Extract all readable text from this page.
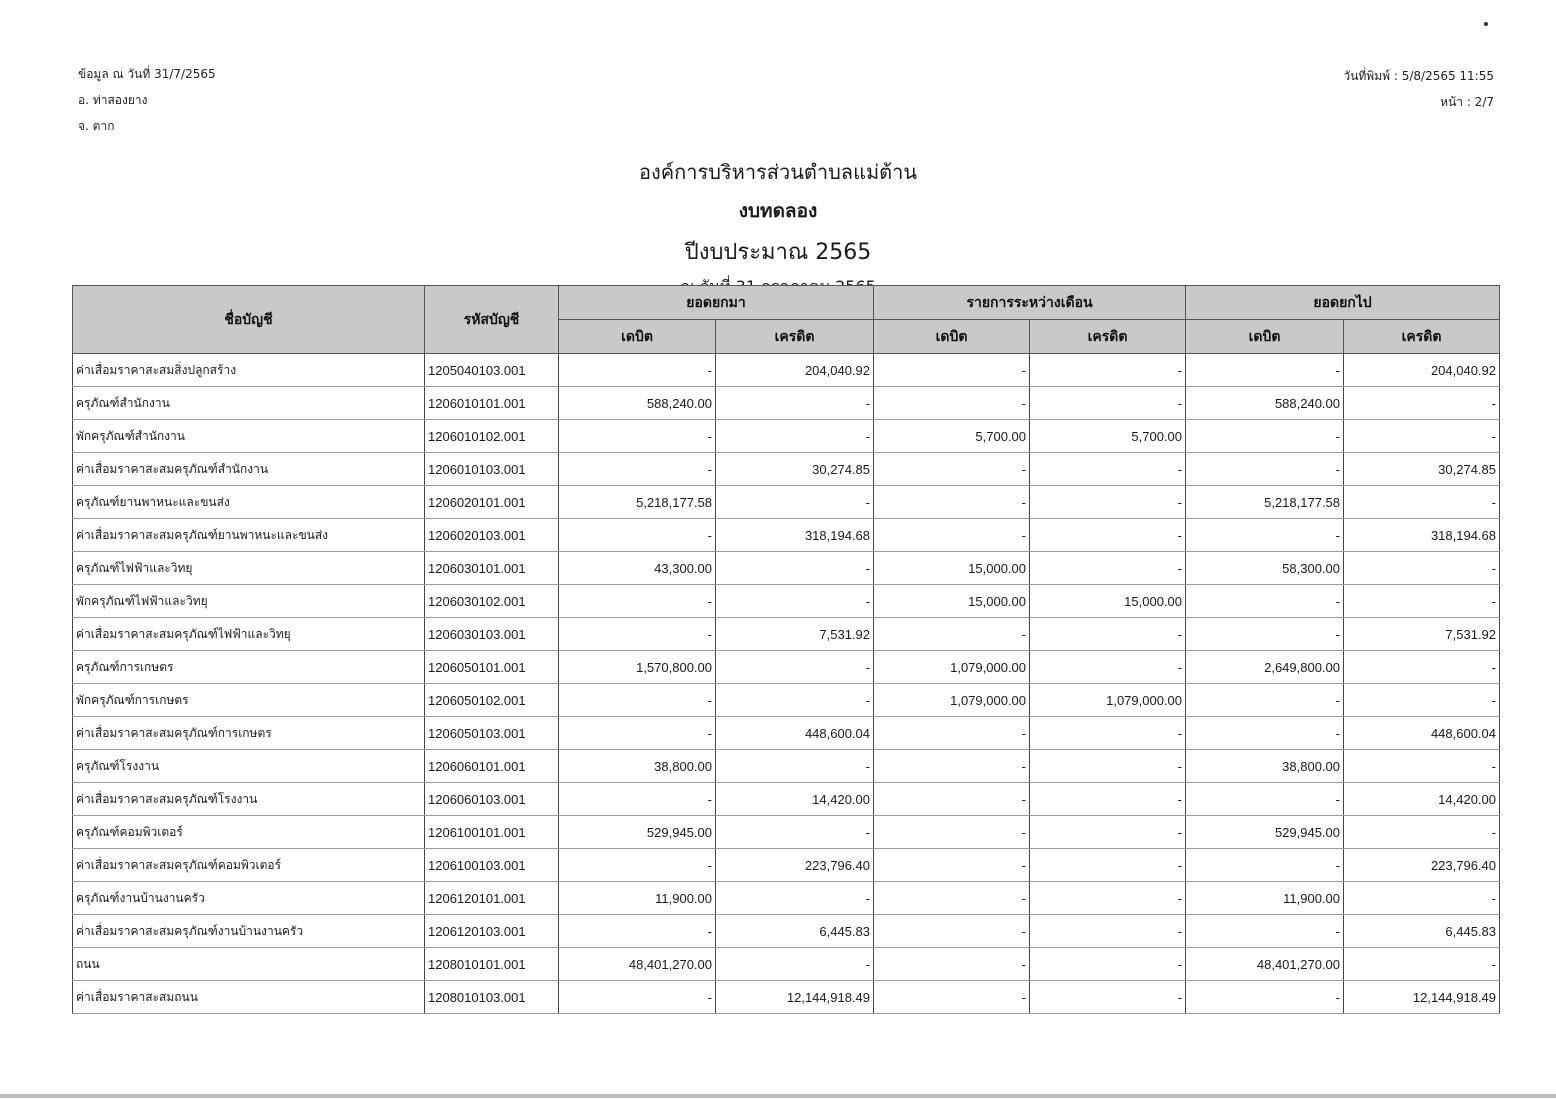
ข้อมูล ณ วันที่ 31/7/2565
อ. ท่าสองยาง
จ. ตาก
วันที่พิมพ์ : 5/8/2565 11:55
หน้า : 2/7
องค์การบริหารส่วนตำบลแม่ต้าน
งบทดลอง
ปีงบประมาณ 2565
ชื่อบัญชี	รหัสบัญชี	ยอดยกมา		รายการระหว่างเดือน		ยอดยกไป	
		เดบิต	เครดิต	เดบิต	เครดิต	เดบิต	เครดิต
ค่าเสื่อมราคาสะสมสิ่งปลูกสร้าง	1205040103.001	-	204,040.92	-	-	-	204,040.92
ครุภัณฑ์สำนักงาน	1206010101.001	588,240.00	-	-	-	588,240.00	-
พักครุภัณฑ์สำนักงาน	1206010102.001	-	-	5,700.00	5,700.00	-	-
ค่าเสื่อมราคาสะสมครุภัณฑ์สำนักงาน	1206010103.001	-	30,274.85	-	-	-	30,274.85
ครุภัณฑ์ยานพาหนะและขนส่ง	1206020101.001	5,218,177.58	-	-	-	5,218,177.58	-
ค่าเสื่อมราคาสะสมครุภัณฑ์ยานพาหนะและขนส่ง	1206020103.001	-	318,194.68	-	-	-	318,194.68
ครุภัณฑ์ไฟฟ้าและวิทยุ	1206030101.001	43,300.00	-	15,000.00	-	58,300.00	-
พักครุภัณฑ์ไฟฟ้าและวิทยุ	1206030102.001	-	-	15,000.00	15,000.00	-	-
ค่าเสื่อมราคาสะสมครุภัณฑ์ไฟฟ้าและวิทยุ	1206030103.001	-	7,531.92	-	-	-	7,531.92
ครุภัณฑ์การเกษตร	1206050101.001	1,570,800.00	-	1,079,000.00	-	2,649,800.00	-
พักครุภัณฑ์การเกษตร	1206050102.001	-	-	1,079,000.00	1,079,000.00	-	-
ค่าเสื่อมราคาสะสมครุภัณฑ์การเกษตร	1206050103.001	-	448,600.04	-	-	-	448,600.04
ครุภัณฑ์โรงงาน	1206060101.001	38,800.00	-	-	-	38,800.00	-
ค่าเสื่อมราคาสะสมครุภัณฑ์โรงงาน	1206060103.001	-	14,420.00	-	-	-	14,420.00
ครุภัณฑ์คอมพิวเตอร์	1206100101.001	529,945.00	-	-	-	529,945.00	-
ค่าเสื่อมราคาสะสมครุภัณฑ์คอมพิวเตอร์	1206100103.001	-	223,796.40	-	-	-	223,796.40
ครุภัณฑ์งานบ้านงานครัว	1206120101.001	11,900.00	-	-	-	11,900.00	-
ค่าเสื่อมราคาสะสมครุภัณฑ์งานบ้านงานครัว	1206120103.001	-	6,445.83	-	-	-	6,445.83
ถนน	1208010101.001	48,401,270.00	-	-	-	48,401,270.00	-
ค่าเสื่อมราคาสะสมถนน	1208010103.001	-	12,144,918.49	-	-	-	12,144,918.49
